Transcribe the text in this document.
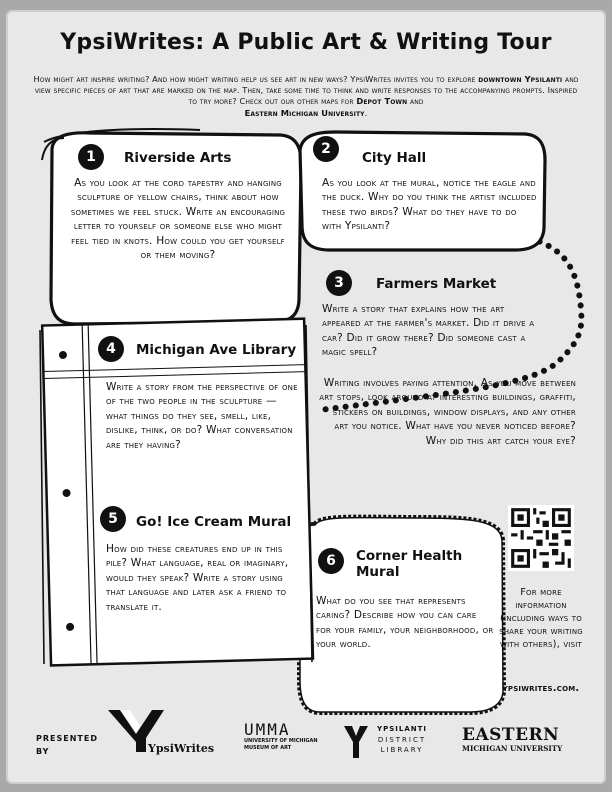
YpsiWrites: A Public Art & Writing Tour
How might art inspire writing? And how might writing help us see art in new ways? YpsiWrites invites you to explore downtown Ypsilanti and view specific pieces of art that are marked on the map. Then, take some time to think and write responses to the accompanying prompts. Inspired to try more? Check out our other maps for Depot Town and
Eastern Michigan University.
1	Riverside Arts
As you look at the cord tapestry and hanging sculpture of yellow chairs, think about how sometimes we feel stuck. Write an encouraging letter to yourself or someone else who might feel tied in knots. How could you get yourself or them moving?
2
City Hall
As you look at the mural, notice the eagle and the duck. Why do you think the artist included these two birds? What do they have to do with Ypsilanti?
3	Farmers Market
Write a story that explains how the art appeared at the farmer's market. Did it drive a car? Did it grow there? Did someone cast a magic spell?
Writing involves paying attention. As you move between art stops, look around at interesting buildings, graffiti, stickers on buildings, window displays, and any other art you notice. What have you never noticed before? Why did this art catch your eye?
4	Michigan Ave Library
Write a story from the perspective of one of the two people in the sculpture — what things do they see, smell, like, dislike, think, or do? What conversation are they having?
5	Go! Ice Cream Mural
How did these creatures end up in this pile? What language, real or imaginary, would they speak? Write a story using that language and later ask a friend to translate it.
6	Corner Health Mural
What do you see that represents caring? Describe how you can care for your family, your neighborhood, or your world.
For more information (including ways to share your writing with others), visit
ypsiwrites.com.
PRESENTED BY	YpsiWrites
UMMA
UNIVERSITY OF MICHIGAN
MUSEUM OF ART
YPSILANTI
DISTRICT
LIBRARY
EASTERN
MICHIGAN UNIVERSITY
